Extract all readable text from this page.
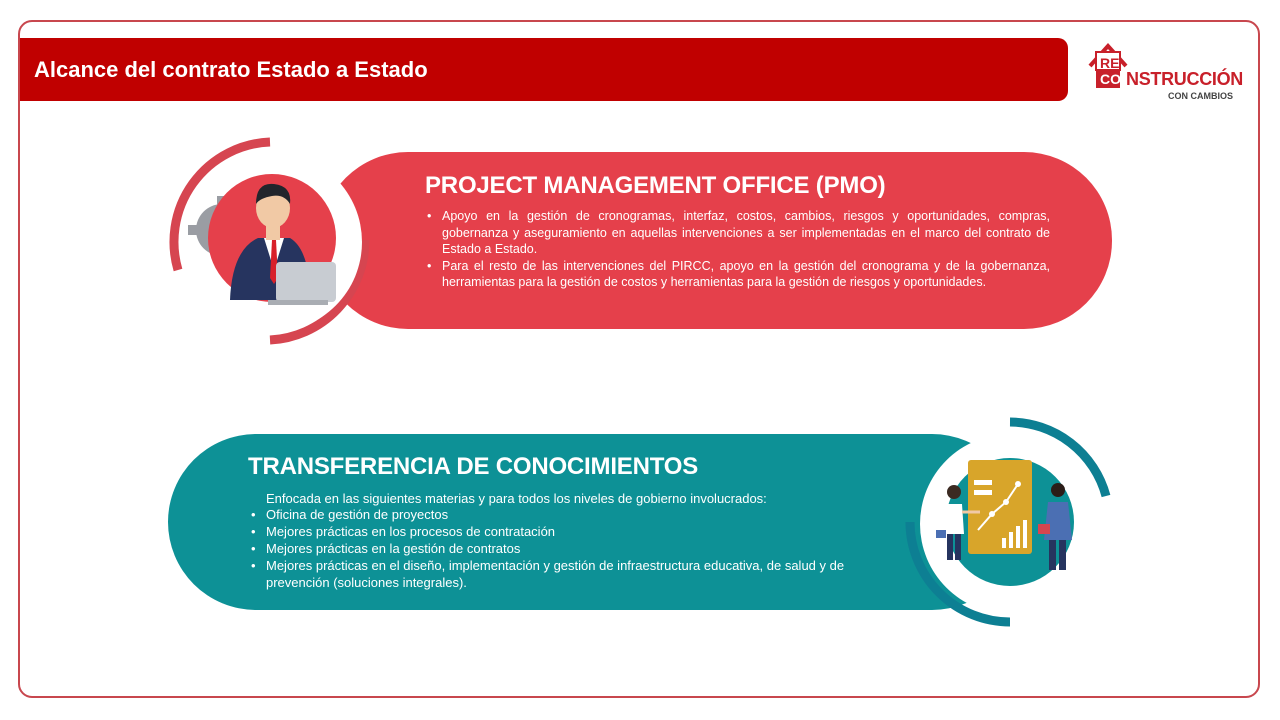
Alcance del contrato Estado a Estado	RE
CO NSTRUCCIÓN
CON CAMBIOS
PROJECT MANAGEMENT OFFICE (PMO)
• Apoyo en la gestión de cronogramas, interfaz, costos, cambios, riesgos y oportunidades, compras, gobernanza y aseguramiento en aquellas intervenciones a ser implementadas en el marco del contrato de Estado a Estado.
• Para el resto de las intervenciones del PIRCC, apoyo en la gestión del cronograma y de la gobernanza, herramientas para la gestión de costos y herramientas para la gestión de riesgos y oportunidades.
TRANSFERENCIA DE CONOCIMIENTOS
Enfocada en las siguientes materias y para todos los niveles de gobierno involucrados:
• Oficina de gestión de proyectos
• Mejores prácticas en los procesos de contratación
• Mejores prácticas en la gestión de contratos
• Mejores prácticas en el diseño, implementación y gestión de infraestructura educativa, de salud y de prevención (soluciones integrales).
